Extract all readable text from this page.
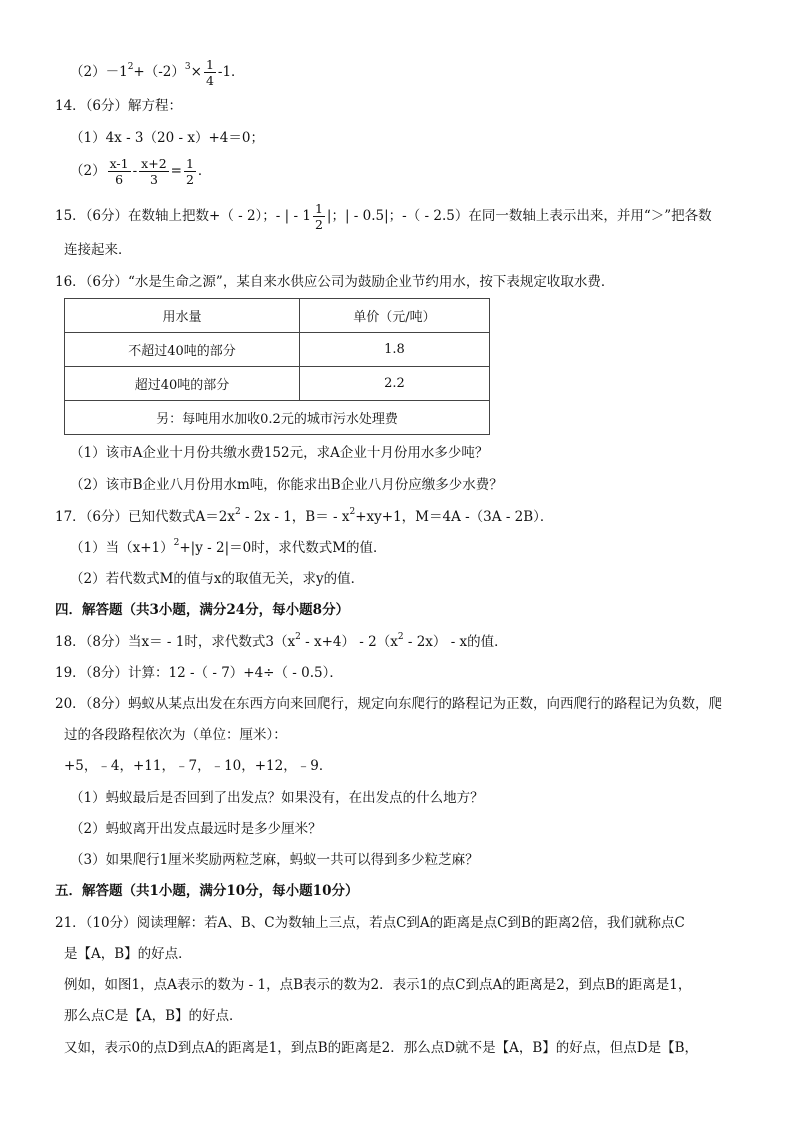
$(2)-1^2+(-2)^3\times \frac{1}{4} -1$．
14．（6分）解方程：
（1）4x - 3（20 - x）+4＝0；
$(2) \frac{x-1}{6} - \frac{x+2}{3} = \frac{1}{2}$ ．
15．（6分）在数轴上把数+（ - 2）；- | - $1 \frac{1}{2}$ |；| - 0.5|；-（ - 2.5）在同一数轴上表示出来，并用“＞”把各数
连接起来．
16．（6分）“水是生命之源”，某自来水供应公司为鼓励企业节约用水，按下表规定收取水费．
用水量	单价（元/吨）
不超过40吨的部分	1.8
超过40吨的部分	2.2
另：每吨用水加收0.2元的城市污水处理费	
（1）该市A企业十月份共缴水费152元，求A企业十月份用水多少吨？
（2）该市B企业八月份用水m吨，你能求出B企业八月份应缴多少水费？
17．（6分）已知代数式$A=2x^2 - 2x - 1$，$B= - x^2+xy+1$，M＝4A -（3A - 2B）．
（1）当$(x+1)^2+|y - 2|=0$时，求代数式M的值．
（2）若代数式M的值与x的取值无关，求y的值．
四．解答题（共3小题，满分24分，每小题8分）
18．（8分）当x＝ - 1时，求代数式$3(x^2 - x+4) - 2(x^2 - 2x) - x$的值．
19．（8分）计算：12 -（ - 7）+4÷（ - 0.5）．
20．（8分）蚂蚁从某点出发在东西方向来回爬行，规定向东爬行的路程记为正数，向西爬行的路程记为负数，爬
过的各段路程依次为（单位：厘米）：
+5，﹣4，+11，﹣7，﹣10，+12，﹣9．
（1）蚂蚁最后是否回到了出发点？如果没有，在出发点的什么地方？
（2）蚂蚁离开出发点最远时是多少厘米？
（3）如果爬行1厘米奖励两粒芝麻，蚂蚁一共可以得到多少粒芝麻？
五．解答题（共1小题，满分10分，每小题10分）
21．（10分）阅读理解：若A、B、C为数轴上三点，若点C到A的距离是点C到B的距离2倍，我们就称点C
是【A，B】的好点．
例如，如图1，点A表示的数为 - 1，点B表示的数为2．表示1的点C到点A的距离是2，到点B的距离是1，
那么点C是【A，B】的好点．
又如，表示0的点D到点A的距离是1，到点B的距离是2．那么点D就不是【A，B】的好点，但点D是【B，
